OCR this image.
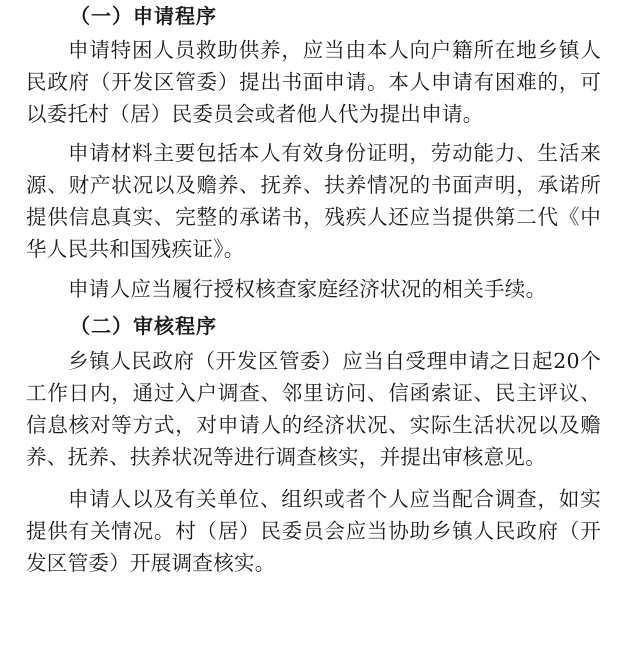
（一）申请程序

申请特困人员救助供养，应当由本人向户籍所在地乡镇人民政府（开发区管委）提出书面申请。本人申请有困难的，可以委托村（居）民委员会或者他人代为提出申请。

申请材料主要包括本人有效身份证明，劳动能力、生活来源、财产状况以及赡养、抚养、扶养情况的书面声明，承诺所提供信息真实、完整的承诺书，残疾人还应当提供第二代《中华人民共和国残疾证》。

申请人应当履行授权核查家庭经济状况的相关手续。

（二）审核程序

乡镇人民政府（开发区管委）应当自受理申请之日起20个工作日内，通过入户调查、邻里访问、信函索证、民主评议、信息核对等方式，对申请人的经济状况、实际生活状况以及赡养、抚养、扶养状况等进行调查核实，并提出审核意见。

申请人以及有关单位、组织或者个人应当配合调查，如实提供有关情况。村（居）民委员会应当协助乡镇人民政府（开发区管委）开展调查核实。
